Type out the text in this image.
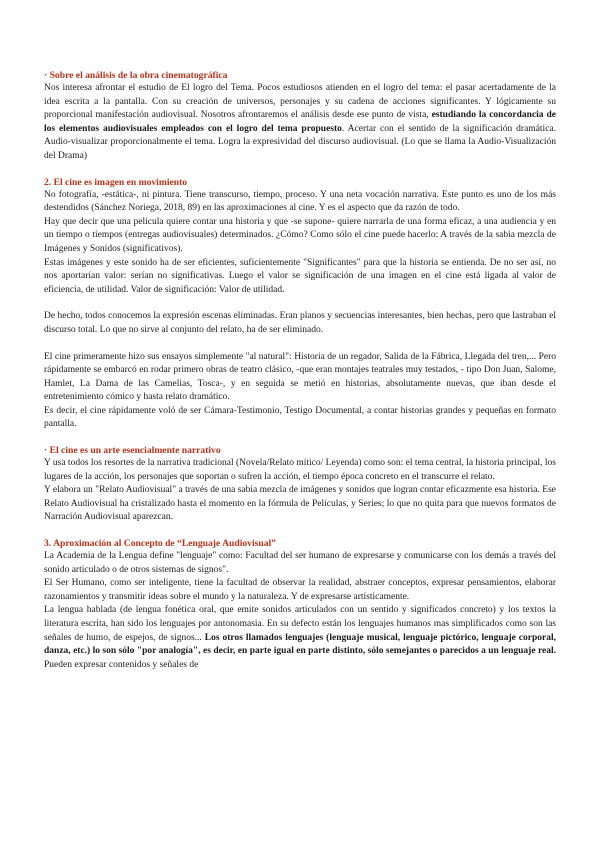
· Sobre el análisis de la obra cinematográfica

Nos interesa afrontar el estudio de El logro del Tema. Pocos estudiosos atienden en el logro del tema: el pasar acertadamente de la idea escrita a la pantalla. Con su creación de universos, personajes y su cadena de acciones significantes. Y lógicamente su proporcional manifestación audiovisual. Nosotros afrontaremos el análisis desde ese punto de vista, estudiando la concordancia de los elementos audiovisuales empleados con el logro del tema propuesto. Acertar con el sentido de la significación dramática. Audio-visualizar proporcionalmente el tema. Logra la expresividad del discurso audiovisual. (Lo que se llama la Audio-Visualización del Drama)

2. El cine es imagen en movimiento

No fotografía, -estática-, ni pintura. Tiene transcurso, tiempo, proceso. Y una neta vocación narrativa. Este punto es uno de los más destendidos (Sánchez Noriega, 2018, 89) en las aproximaciones al cine. Y es el aspecto que da razón de todo.

Hay que decir que una película quiere contar una historia y que -se supone- quiere narrarla de una forma eficaz, a una audiencia y en un tiempo o tiempos (entregas audiovisuales) determinados. ¿Cómo? Como sólo el cine puede hacerlo: A través de la sabia mezcla de Imágenes y Sonidos (significativos).

Estas imágenes y este sonido ha de ser eficientes, suficientemente "Significantes" para que la historia se entienda. De no ser así, no nos aportarían valor: serían no significativas. Luego el valor se significación de una imagen en el cine está ligada al valor de eficiencia, de utilidad. Valor de significación: Valor de utilidad.

De hecho, todos conocemos la expresión escenas eliminadas. Eran planos y secuencias interesantes, bien hechas, pero que lastraban el discurso total. Lo que no sirve al conjunto del relato, ha de ser eliminado.

El cine primeramente hizo sus ensayos simplemente "al natural": Historia de un regador, Salida de la Fábrica, Llegada del tren,... Pero rápidamente se embarcó en rodar primero obras de teatro clásico, -que eran montajes teatrales muy testados, - tipo Don Juan, Salome, Hamlet, La Dama de las Camelias, Tosca-, y en seguida se metió en historias, absolutamente nuevas, que iban desde el entretenimiento cómico y hasta relato dramático.

Es decir, el cine rápidamente voló de ser Cámara-Testimonio, Testigo Documental, a contar historias grandes y pequeñas en formato pantalla.

· El cine es un arte esencialmente narrativo

Y usa todos los resortes de la narrativa tradicional (Novela/Relato mítico/ Leyenda) como son: el tema central, la historia principal, los lugares de la acción, los personajes que soportan o sufren la acción, el tiempo época concreto en el transcurre el relato.

Y elabora un "Relato Audiovisual" a través de una sabia mezcla de imágenes y sonidos que logran contar eficazmente esa historia. Ese Relato Audiovisual ha cristalizado hasta el momento en la fórmula de Películas, y Series; lo que no quita para que nuevos formatos de Narración Audiovisual aparezcan.

3. Aproximación al Concepto de “Lenguaje Audiovisual”

La Academia de la Lengua define "lenguaje" como: Facultad del ser humano de expresarse y comunicarse con los demás a través del sonido articulado o de otros sistemas de signos".

El Ser Humano, como ser inteligente, tiene la facultad de observar la realidad, abstraer conceptos, expresar pensamientos, elaborar razonamientos y transmitir ideas sobre el mundo y la naturaleza. Y de expresarse artísticamente.

La lengua hablada (de lengua fonética oral, que emite sonidos articulados con un sentido y significados concreto) y los textos la literatura escrita, han sido los lenguajes por antonomasia. En su defecto están los lenguajes humanos mas simplificados como son las señales de humo, de espejos, de signos... Los otros llamados lenguajes (lenguaje musical, lenguaje pictórico, lenguaje corporal, danza, etc.) lo son sólo "por analogía", es decir, en parte igual en parte distinto, sólo semejantes o parecidos a un lenguaje real. Pueden expresar contenidos y señales de
